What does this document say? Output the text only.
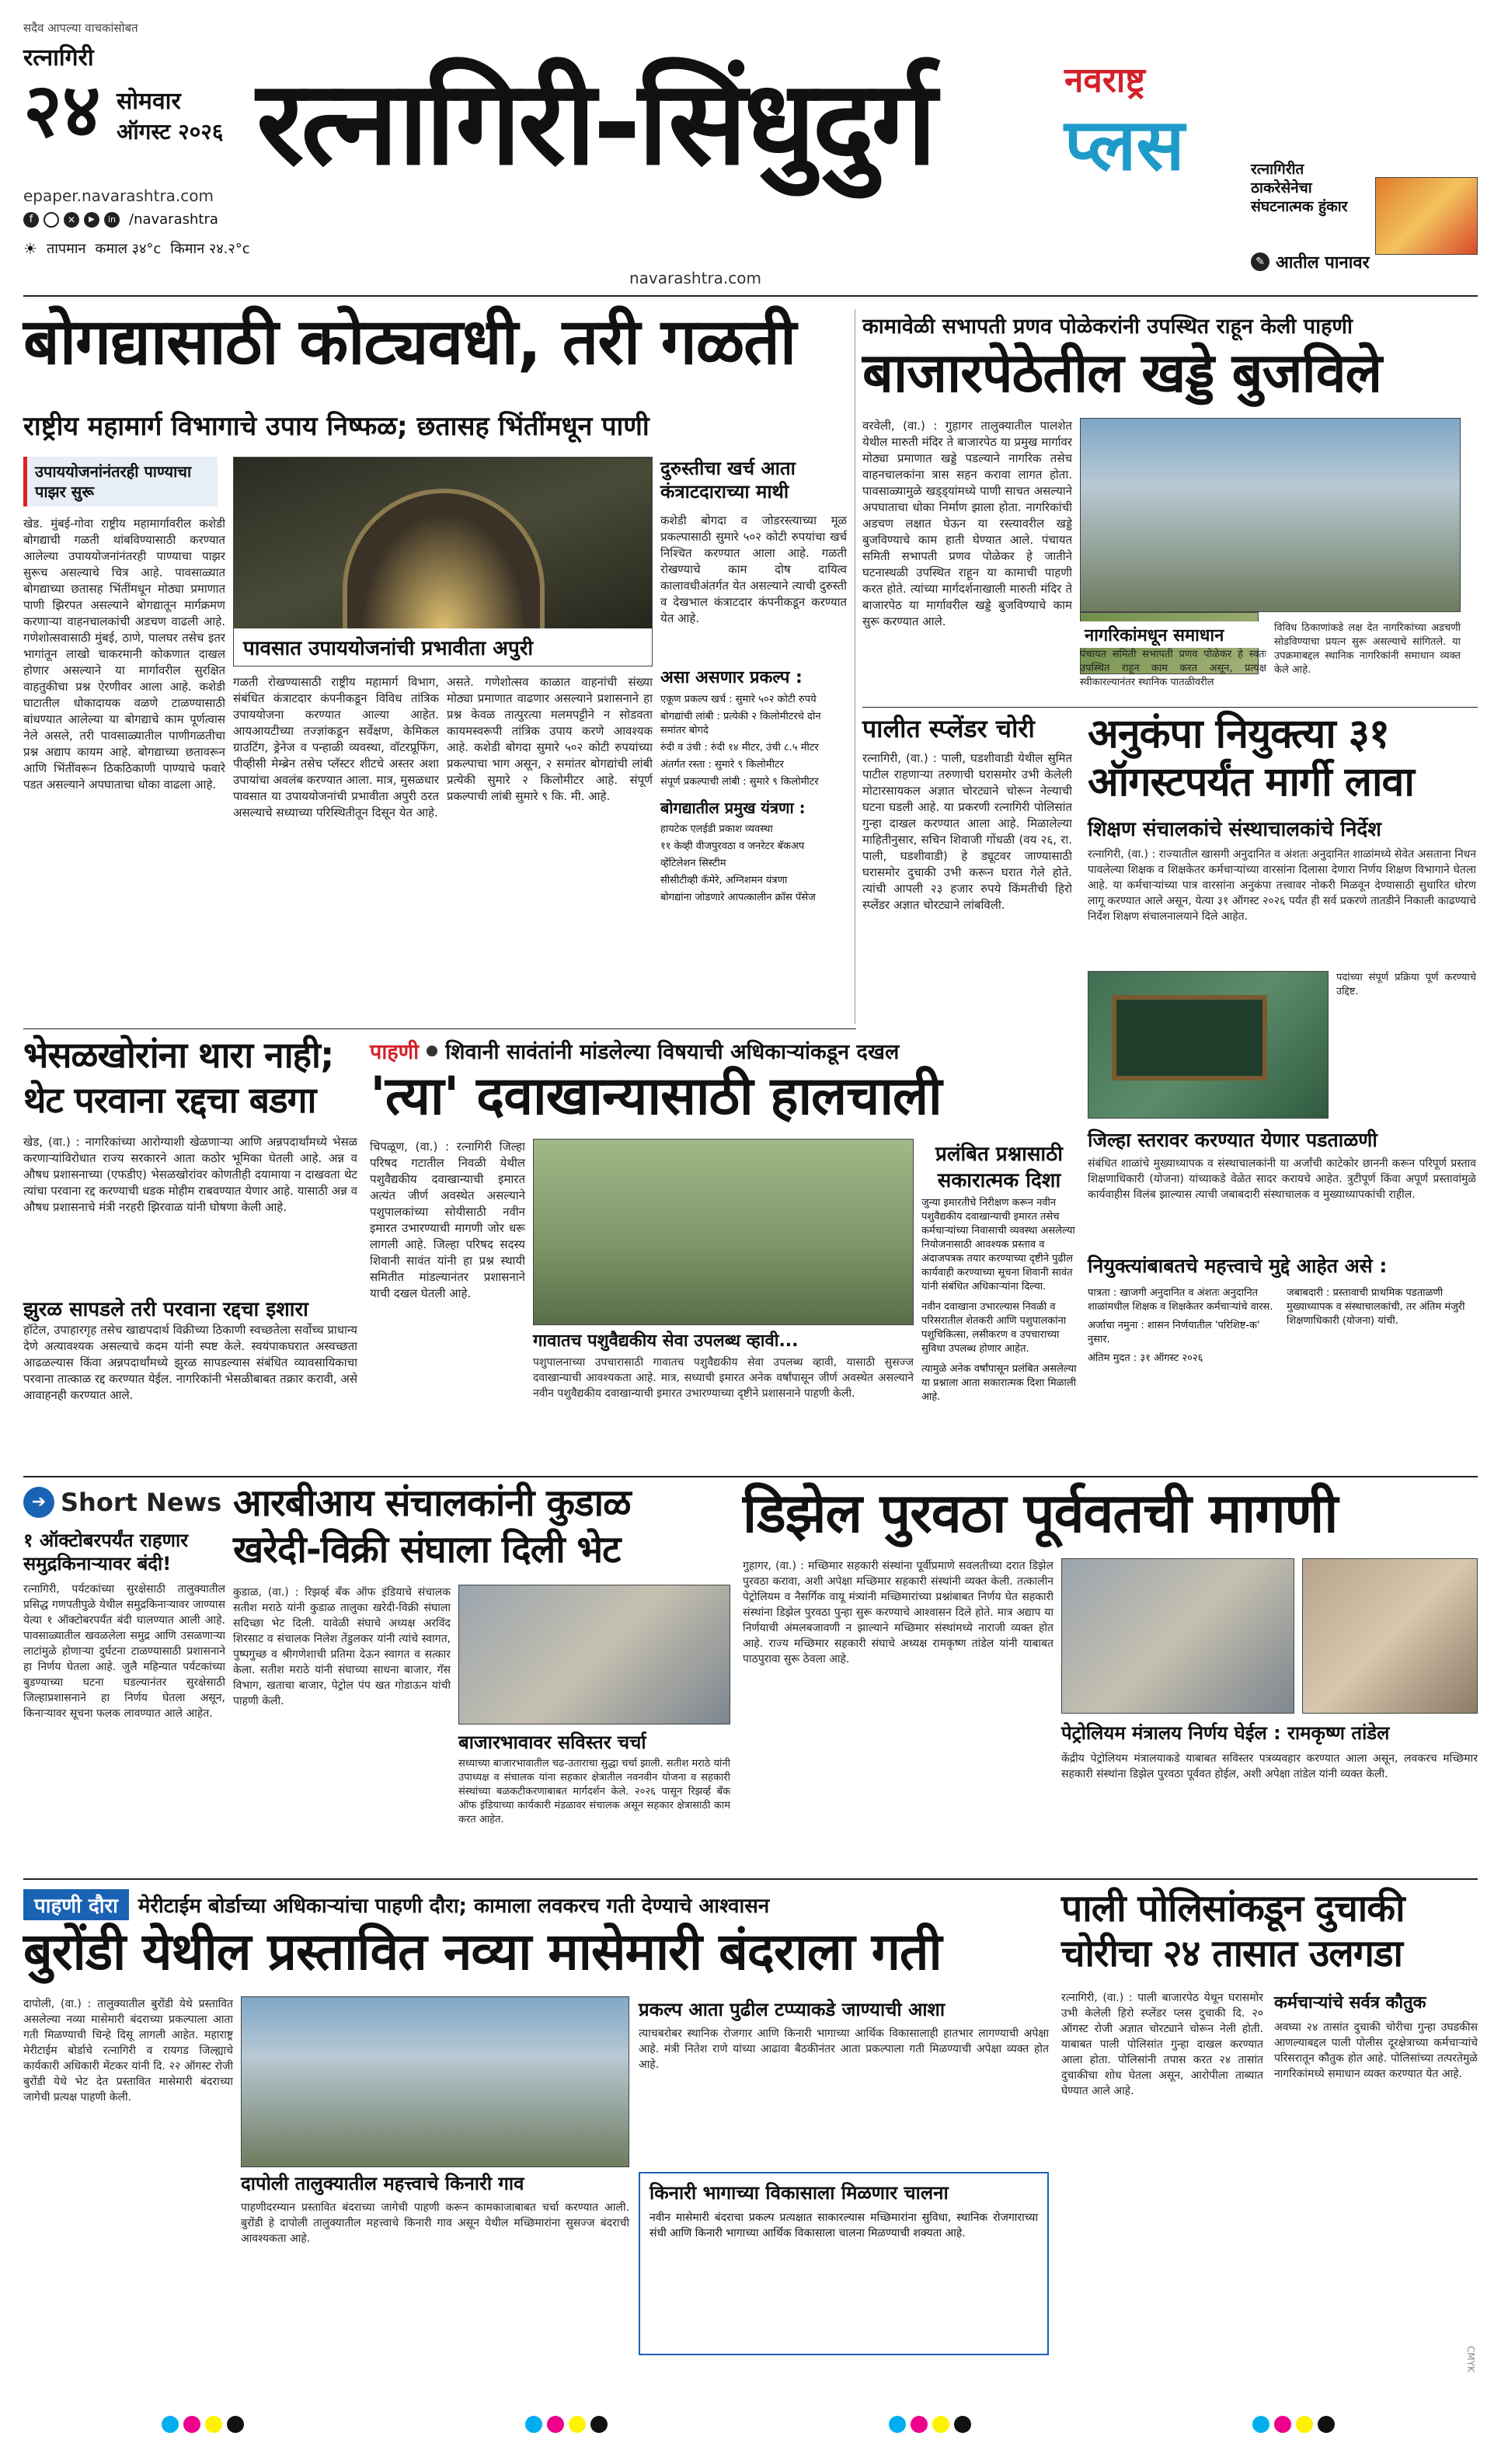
सदैव आपल्या वाचकांसोबत
रत्नागिरी
२४ सोमवार
ऑगस्ट २०२६
epaper.navarashtra.com
f	✕	▶	in /navarashtra
☀ तापमान कमाल ३४°c किमान २४.२°c
रत्नागिरी-सिंधुदुर्ग
navarashtra.com
नवराष्ट्र
प्लस	रत्नागिरीत ठाकरेसेनेचा संघटनात्मक हुंकार
✎ आतील पानावर
बोगद्यासाठी कोट्यवधी, तरी गळती
राष्ट्रीय महामार्ग विभागाचे उपाय निष्फळ; छतासह भिंतींमधून पाणी
उपाययोजनांनंतरही पाण्याचा पाझर सुरू
खेड. मुंबई-गोवा राष्ट्रीय महामार्गावरील कशेडी बोगद्याची गळती थांबविण्यासाठी करण्यात आलेल्या उपाययोजनांनंतरही पाण्याचा पाझर सुरूच असल्याचे चित्र आहे. पावसाळ्यात बोगद्याच्या छतासह भिंतींमधून मोठ्या प्रमाणात पाणी झिरपत असल्याने बोगद्यातून मार्गक्रमण करणाऱ्या वाहनचालकांची अडचण वाढली आहे. गणेशोत्सवासाठी मुंबई, ठाणे, पालघर तसेच इतर भागांतून लाखो चाकरमानी कोकणात दाखल होणार असल्याने या मार्गावरील सुरक्षित वाहतुकीचा प्रश्न ऐरणीवर आला आहे. कशेडी घाटातील धोकादायक वळणे टाळण्यासाठी बांधण्यात आलेल्या या बोगद्याचे काम पूर्णत्वास नेले असले, तरी पावसाळ्यातील पाणीगळतीचा प्रश्न अद्याप कायम आहे. बोगद्याच्या छतावरून आणि भिंतींवरून ठिकठिकाणी पाण्याचे फवारे पडत असल्याने अपघाताचा धोका वाढला आहे.
पावसात उपाययोजनांची प्रभावीता अपुरी
गळती रोखण्यासाठी राष्ट्रीय महामार्ग विभाग, संबंधित कंत्राटदार कंपनीकडून विविध तांत्रिक उपाययोजना करण्यात आल्या आहेत. आयआयटीच्या तज्ज्ञांकडून सर्वेक्षण, केमिकल ग्राउटिंग, ड्रेनेज व पन्हाळी व्यवस्था, वॉटरप्रूफिंग, पीव्हीसी मेम्ब्रेन तसेच प्लॅस्टर शीटचे अस्तर अशा उपायांचा अवलंब करण्यात आला. मात्र, मुसळधार पावसात या उपाययोजनांची प्रभावीता अपुरी ठरत असल्याचे सध्याच्या परिस्थितीतून दिसून येत आहे.
असते. गणेशोत्सव काळात वाहनांची संख्या मोठ्या प्रमाणात वाढणार असल्याने प्रशासनाने हा प्रश्न केवळ तात्पुरत्या मलमपट्टीने न सोडवता कायमस्वरूपी तांत्रिक उपाय करणे आवश्यक आहे. कशेडी बोगदा सुमारे ५०२ कोटी रुपयांच्या प्रकल्पाचा भाग असून, २ समांतर बोगद्यांची लांबी प्रत्येकी सुमारे २ किलोमीटर आहे. संपूर्ण प्रकल्पाची लांबी सुमारे ९ कि. मी. आहे.
दुरुस्तीचा खर्च आता कंत्राटदाराच्या माथी
कशेडी बोगदा व जोडरस्त्याच्या मूळ प्रकल्पासाठी सुमारे ५०२ कोटी रुपयांचा खर्च निश्चित करण्यात आला आहे. गळती रोखण्याचे काम दोष दायित्व कालावधीअंतर्गत येत असल्याने त्याची दुरुस्ती व देखभाल कंत्राटदार कंपनीकडून करण्यात येत आहे.
असा असणार प्रकल्प :
एकूण प्रकल्प खर्च : सुमारे ५०२ कोटी रुपये
बोगद्यांची लांबी : प्रत्येकी २ किलोमीटरचे दोन समांतर बोगदे
रुंदी व उंची : रुंदी १४ मीटर, उंची ८.५ मीटर
अंतर्गत रस्ता : सुमारे ९ किलोमीटर
संपूर्ण प्रकल्पाची लांबी : सुमारे ९ किलोमीटर
बोगद्यातील प्रमुख यंत्रणा :
हायटेक एलईडी प्रकाश व्यवस्था
११ केव्ही वीजपुरवठा व जनरेटर बॅकअप
व्हेंटिलेशन सिस्टीम
सीसीटीव्ही कॅमेरे, अग्निशमन यंत्रणा
बोगद्यांना जोडणारे आपत्कालीन क्रॉस पॅसेज
कामावेळी सभापती प्रणव पोळेकरांनी उपस्थित राहून केली पाहणी
बाजारपेठेतील खड्डे बुजविले
वरवेली, (वा.) : गुहागर तालुक्यातील पालशेत येथील मारुती मंदिर ते बाजारपेठ या प्रमुख मार्गावर मोठ्या प्रमाणात खड्डे पडल्याने नागरिक तसेच वाहनचालकांना त्रास सहन करावा लागत होता. पावसाळ्यामुळे खड्ड्यांमध्ये पाणी साचत असल्याने अपघाताचा धोका निर्माण झाला होता. नागरिकांची अडचण लक्षात घेऊन या रस्त्यावरील खड्डे बुजविण्याचे काम हाती घेण्यात आले. पंचायत समिती सभापती प्रणव पोळेकर हे जातीने घटनास्थळी उपस्थित राहून या कामाची पाहणी करत होते. त्यांच्या मार्गदर्शनाखाली मारुती मंदिर ते बाजारपेठ या मार्गावरील खड्डे बुजविण्याचे काम सुरू करण्यात आले.
नागरिकांमधून समाधान
पंचायत समिती सभापती प्रणव पोळेकर हे स्वतः उपस्थित राहून काम करत असून, प्रत्यक्ष स्वीकारल्यानंतर स्थानिक पातळीवरील
विविध ठिकाणांकडे लक्ष देत नागरिकांच्या अडचणी सोडविण्याचा प्रयत्न सुरू असल्याचे सांगितले. या उपक्रमाबद्दल स्थानिक नागरिकांनी समाधान व्यक्त केले आहे.
पालीत स्प्लेंडर चोरी
रत्नागिरी, (वा.) : पाली, घडशीवाडी येथील सुमित पाटील राहणाऱ्या तरुणाची घरासमोर उभी केलेली मोटारसायकल अज्ञात चोरट्याने चोरून नेल्याची घटना घडली आहे. या प्रकरणी रत्नागिरी पोलिसांत गुन्हा दाखल करण्यात आला आहे. मिळालेल्या माहितीनुसार, सचिन शिवाजी गोंधळी (वय २६, रा. पाली, घडशीवाडी) हे ड्यूटवर जाण्यासाठी घरासमोर दुचाकी उभी करून घरात गेले होते. त्यांची आपली २३ हजार रुपये किंमतीची हिरो स्प्लेंडर अज्ञात चोरट्याने लांबविली.
अनुकंपा नियुक्त्या ३१
ऑगस्टपर्यंत मार्गी लावा
शिक्षण संचालकांचे संस्थाचालकांचे निर्देश
रत्नागिरी, (वा.) : राज्यातील खासगी अनुदानित व अंशतः अनुदानित शाळांमध्ये सेवेत असताना निधन पावलेल्या शिक्षक व शिक्षकेतर कर्मचाऱ्यांच्या वारसांना दिलासा देणारा निर्णय शिक्षण विभागाने घेतला आहे. या कर्मचाऱ्यांच्या पात्र वारसांना अनुकंपा तत्त्वावर नोकरी मिळवून देण्यासाठी सुधारित धोरण लागू करण्यात आले असून, येत्या ३१ ऑगस्ट २०२६ पर्यंत ही सर्व प्रकरणे तातडीने निकाली काढण्याचे निर्देश शिक्षण संचालनालयाने दिले आहेत.
पदांच्या संपूर्ण प्रक्रिया पूर्ण करण्याचे उद्दिष्ट.
जिल्हा स्तरावर करण्यात येणार पडताळणी
संबंधित शाळांचे मुख्याध्यापक व संस्थाचालकांनी या अर्जांची काटेकोर छाननी करून परिपूर्ण प्रस्ताव शिक्षणाधिकारी (योजना) यांच्याकडे वेळेत सादर करायचे आहेत. त्रुटीपूर्ण किंवा अपूर्ण प्रस्तावांमुळे कार्यवाहीस विलंब झाल्यास त्याची जबाबदारी संस्थाचालक व मुख्याध्यापकांची राहील.
नियुक्त्यांबाबतचे महत्त्वाचे मुद्दे आहेत असे :
पात्रता : खाजगी अनुदानित व अंशतः अनुदानित शाळांमधील शिक्षक व शिक्षकेतर कर्मचाऱ्यांचे वारस.
अर्जाचा नमुना : शासन निर्णयातील 'परिशिष्ट-क' नुसार.
अंतिम मुदत : ३१ ऑगस्ट २०२६
जबाबदारी : प्रस्तावाची प्राथमिक पडताळणी मुख्याध्यापक व संस्थाचालकांची, तर अंतिम मंजुरी शिक्षणाधिकारी (योजना) यांची.
भेसळखोरांना थारा नाही;
थेट परवाना रद्दचा बडगा
खेड, (वा.) : नागरिकांच्या आरोग्याशी खेळणाऱ्या आणि अन्नपदार्थांमध्ये भेसळ करणाऱ्यांविरोधात राज्य सरकारने आता कठोर भूमिका घेतली आहे. अन्न व औषध प्रशासनाच्या (एफडीए) भेसळखोरांवर कोणतीही दयामाया न दाखवता थेट त्यांचा परवाना रद्द करण्याची धडक मोहीम राबवण्यात येणार आहे. यासाठी अन्न व औषध प्रशासनाचे मंत्री नरहरी झिरवाळ यांनी घोषणा केली आहे.
झुरळ सापडले तरी परवाना रद्दचा इशारा
हॉटेल, उपाहारगृह तसेच खाद्यपदार्थ विक्रीच्या ठिकाणी स्वच्छतेला सर्वोच्च प्राधान्य देणे अत्यावश्यक असल्याचे कदम यांनी स्पष्ट केले. स्वयंपाकघरात अस्वच्छता आढळल्यास किंवा अन्नपदार्थांमध्ये झुरळ सापडल्यास संबंधित व्यावसायिकाचा परवाना तात्काळ रद्द करण्यात येईल. नागरिकांनी भेसळीबाबत तक्रार करावी, असे आवाहनही करण्यात आले.
पाहणी शिवानी सावंतांनी मांडलेल्या विषयाची अधिकाऱ्यांकडून दखल
'त्या' दवाखान्यासाठी हालचाली
चिपळूण, (वा.) : रत्नागिरी जिल्हा परिषद गटातील निवळी येथील पशुवैद्यकीय दवाखान्याची इमारत अत्यंत जीर्ण अवस्थेत असल्याने पशुपालकांच्या सोयीसाठी नवीन इमारत उभारण्याची मागणी जोर धरू लागली आहे. जिल्हा परिषद सदस्य शिवानी सावंत यांनी हा प्रश्न स्थायी समितीत मांडल्यानंतर प्रशासनाने याची दखल घेतली आहे.
गावातच पशुवैद्यकीय सेवा उपलब्ध व्हावी...
पशुपालनाच्या उपचारासाठी गावातच पशुवैद्यकीय सेवा उपलब्ध व्हावी, यासाठी सुसज्ज दवाखान्याची आवश्यकता आहे. मात्र, सध्याची इमारत अनेक वर्षांपासून जीर्ण अवस्थेत असल्याने नवीन पशुवैद्यकीय दवाखान्याची इमारत उभारण्याच्या दृष्टीने प्रशासनाने पाहणी केली.
प्रलंबित प्रश्नासाठी
सकारात्मक दिशा
जुन्या इमारतीचे निरीक्षण करून नवीन पशुवैद्यकीय दवाखान्याची इमारत तसेच कर्मचाऱ्यांच्या निवासाची व्यवस्था असलेल्या नियोजनासाठी आवश्यक प्रस्ताव व अंदाजपत्रक तयार करण्याच्या दृष्टीने पुढील कार्यवाही करण्याच्या सूचना शिवानी सावंत यांनी संबंधित अधिकाऱ्यांना दिल्या.
नवीन दवाखाना उभारल्यास निवळी व परिसरातील शेतकरी आणि पशुपालकांना पशुचिकित्सा, लसीकरण व उपचाराच्या सुविधा उपलब्ध होणार आहेत.
त्यामुळे अनेक वर्षांपासून प्रलंबित असलेल्या या प्रश्नाला आता सकारात्मक दिशा मिळाली आहे.
➔ Short News
१ ऑक्टोबरपर्यंत राहणार समुद्रकिनाऱ्यावर बंदी!
रत्नागिरी, पर्यटकांच्या सुरक्षेसाठी तालुक्यातील प्रसिद्ध गणपतीपुळे येथील समुद्रकिनाऱ्यावर जाण्यास येत्या १ ऑक्टोबरपर्यंत बंदी घालण्यात आली आहे. पावसाळ्यातील खवळलेला समुद्र आणि उसळणाऱ्या लाटांमुळे होणाऱ्या दुर्घटना टाळण्यासाठी प्रशासनाने हा निर्णय घेतला आहे. जुलै महिन्यात पर्यटकांच्या बुडण्याच्या घटना घडल्यानंतर सुरक्षेसाठी जिल्हाप्रशासनाने हा निर्णय घेतला असून, किनाऱ्यावर सूचना फलक लावण्यात आले आहेत.
आरबीआय संचालकांनी कुडाळ
खरेदी-विक्री संघाला दिली भेट
कुडाळ, (वा.) : रिझर्व्ह बँक ऑफ इंडियाचे संचालक सतीश मराठे यांनी कुडाळ तालुका खरेदी-विक्री संघाला सदिच्छा भेट दिली. यावेळी संघाचे अध्यक्ष अरविंद शिरसाट व संचालक निलेश तेंडुलकर यांनी त्यांचे स्वागत, पुष्पगुच्छ व श्रीगणेशाची प्रतिमा देऊन स्वागत व सत्कार केला. सतीश मराठे यांनी संघाच्या साधना बाजार, गॅस विभाग, खताचा बाजार, पेट्रोल पंप खत गोडाऊन यांची पाहणी केली.
बाजारभावावर सविस्तर चर्चा
सध्याच्या बाजारभावातील चढ-उताराचा सुद्धा चर्चा झाली. सतीश मराठे यांनी उपाध्यक्ष व संचालक यांना सहकार क्षेत्रातील नवनवीन योजना व सहकारी संस्थांच्या बळकटीकरणाबाबत मार्गदर्शन केले. २०२६ पासून रिझर्व्ह बँक ऑफ इंडियाच्या कार्यकारी मंडळावर संचालक असून सहकार क्षेत्रासाठी काम करत आहेत.
डिझेल पुरवठा पूर्ववतची मागणी
गुहागर, (वा.) : मच्छिमार सहकारी संस्थांना पूर्वीप्रमाणे सवलतीच्या दरात डिझेल पुरवठा करावा, अशी अपेक्षा मच्छिमार सहकारी संस्थांनी व्यक्त केली. तत्कालीन पेट्रोलियम व नैसर्गिक वायू मंत्र्यांनी मच्छिमारांच्या प्रश्नांबाबत निर्णय घेत सहकारी संस्थांना डिझेल पुरवठा पुन्हा सुरू करण्याचे आश्वासन दिले होते. मात्र अद्याप या निर्णयाची अंमलबजावणी न झाल्याने मच्छिमार संस्थांमध्ये नाराजी व्यक्त होत आहे. राज्य मच्छिमार सहकारी संघाचे अध्यक्ष रामकृष्ण तांडेल यांनी याबाबत पाठपुरावा सुरू ठेवला आहे.
पेट्रोलियम मंत्रालय निर्णय घेईल : रामकृष्ण तांडेल
केंद्रीय पेट्रोलियम मंत्रालयाकडे याबाबत सविस्तर पत्रव्यवहार करण्यात आला असून, लवकरच मच्छिमार सहकारी संस्थांना डिझेल पुरवठा पूर्ववत होईल, अशी अपेक्षा तांडेल यांनी व्यक्त केली.
पाहणी दौरा	मेरीटाईम बोर्डाच्या अधिकाऱ्यांचा पाहणी दौरा; कामाला लवकरच गती देण्याचे आश्वासन
बुरोंडी येथील प्रस्तावित नव्या मासेमारी बंदराला गती
दापोली, (वा.) : तालुक्यातील बुरोंडी येथे प्रस्तावित असलेल्या नव्या मासेमारी बंदराच्या प्रकल्पाला आता गती मिळण्याची चिन्हे दिसू लागली आहेत. महाराष्ट्र मेरीटाईम बोर्डाचे रत्नागिरी व रायगड जिल्ह्याचे कार्यकारी अधिकारी मेंटकर यांनी दि. २२ ऑगस्ट रोजी बुरोंडी येथे भेट देत प्रस्तावित मासेमारी बंदराच्या जागेची प्रत्यक्ष पाहणी केली.
दापोली तालुक्यातील महत्त्वाचे किनारी गाव
पाहणीदरम्यान प्रस्तावित बंदराच्या जागेची पाहणी करून कामकाजाबाबत चर्चा करण्यात आली. बुरोंडी हे दापोली तालुक्यातील महत्त्वाचे किनारी गाव असून येथील मच्छिमारांना सुसज्ज बंदराची आवश्यकता आहे.
प्रकल्प आता पुढील टप्प्याकडे जाण्याची आशा
त्याचबरोबर स्थानिक रोजगार आणि किनारी भागाच्या आर्थिक विकासालाही हातभार लागण्याची अपेक्षा आहे. मंत्री नितेश राणे यांच्या आढावा बैठकीनंतर आता प्रकल्पाला गती मिळण्याची अपेक्षा व्यक्त होत आहे.
किनारी भागाच्या विकासाला मिळणार चालना
नवीन मासेमारी बंदराचा प्रकल्प प्रत्यक्षात साकारल्यास मच्छिमारांना सुविधा, स्थानिक रोजगाराच्या संधी आणि किनारी भागाच्या आर्थिक विकासाला चालना मिळण्याची शक्यता आहे.
पाली पोलिसांकडून दुचाकी
चोरीचा २४ तासात उलगडा
रत्नागिरी, (वा.) : पाली बाजारपेठ येथून घरासमोर उभी केलेली हिरो स्प्लेंडर प्लस दुचाकी दि. २० ऑगस्ट रोजी अज्ञात चोरट्याने चोरून नेली होती. याबाबत पाली पोलिसांत गुन्हा दाखल करण्यात आला होता. पोलिसांनी तपास करत २४ तासांत दुचाकीचा शोध घेतला असून, आरोपीला ताब्यात घेण्यात आले आहे.
कर्मचाऱ्यांचे सर्वत्र कौतुक
अवघ्या २४ तासांत दुचाकी चोरीचा गुन्हा उघडकीस आणल्याबद्दल पाली पोलीस दूरक्षेत्राच्या कर्मचाऱ्यांचे परिसरातून कौतुक होत आहे. पोलिसांच्या तत्परतेमुळे नागरिकांमध्ये समाधान व्यक्त करण्यात येत आहे.
CMYK
